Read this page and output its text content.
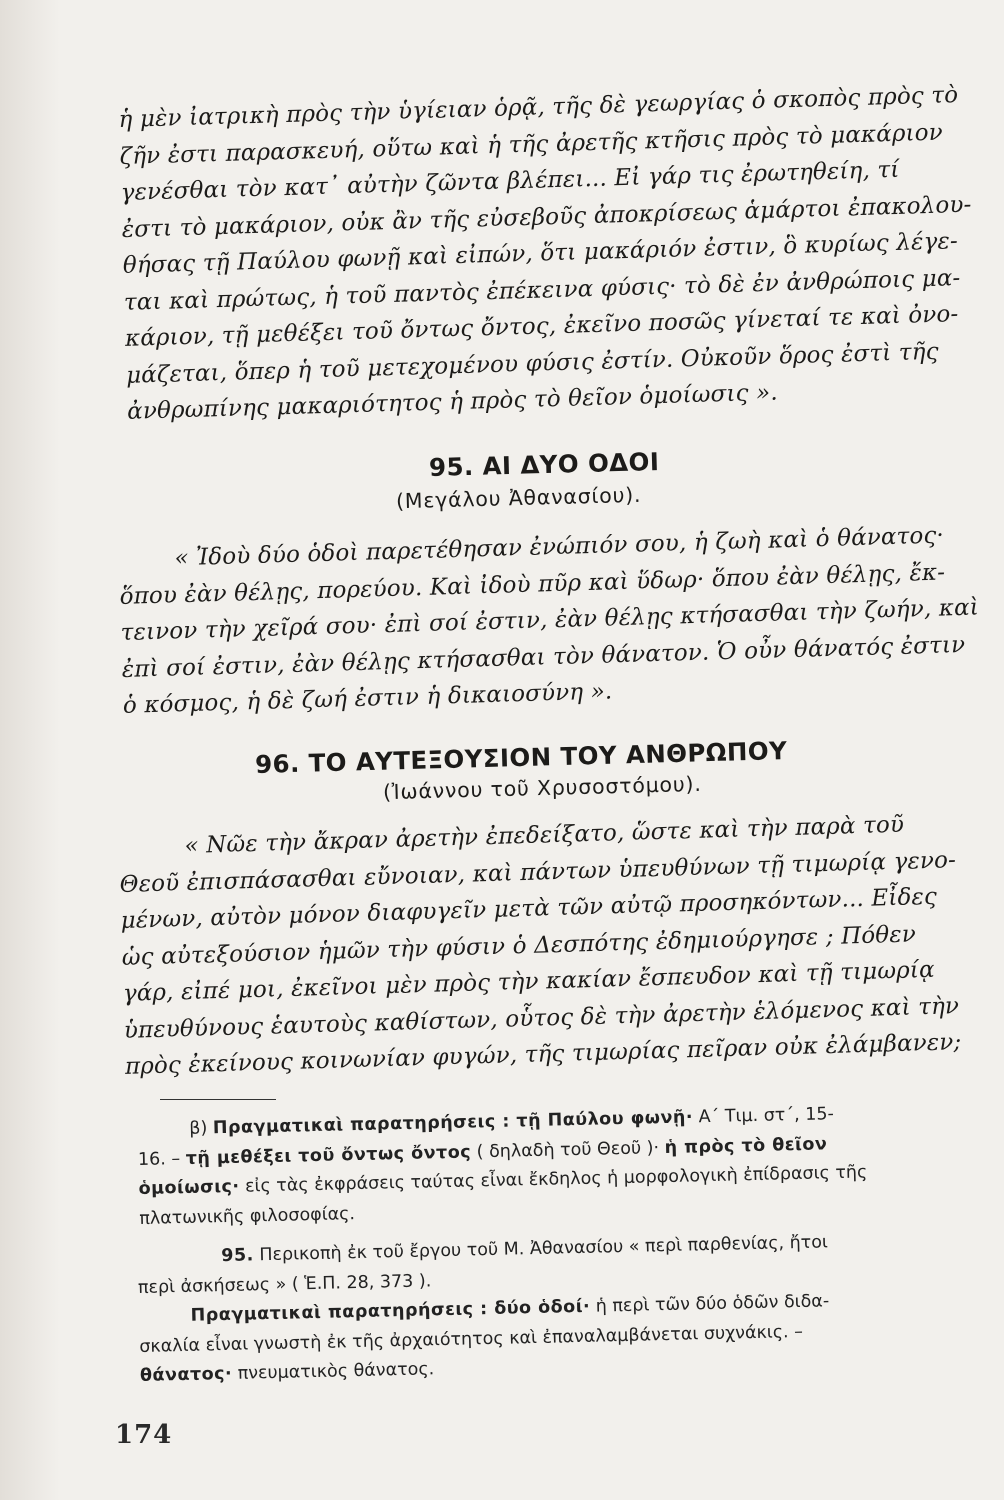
ἡ μὲν ἰατρικὴ πρὸς τὴν ὑγίειαν ὁρᾷ, τῆς δὲ γεωργίας ὁ σκοπὸς πρὸς τὸ
ζῆν ἐστι παρασκευή, οὕτω καὶ ἡ τῆς ἀρετῆς κτῆσις πρὸς τὸ μακάριον
γενέσθαι τὸν κατ᾿ αὐτὴν ζῶντα βλέπει... Εἰ γάρ τις ἐρωτηθείη, τί
ἐστι τὸ μακάριον, οὐκ ἂν τῆς εὐσεβοῦς ἀποκρίσεως ἁμάρτοι ἐπακολου-
θήσας τῇ Παύλου φωνῇ καὶ εἰπών, ὅτι μακάριόν ἐστιν, ὃ κυρίως λέγε-
ται καὶ πρώτως, ἡ τοῦ παντὸς ἐπέκεινα φύσις· τὸ δὲ ἐν ἀνθρώποις μα-
κάριον, τῇ μεθέξει τοῦ ὄντως ὄντος, ἐκεῖνο ποσῶς γίνεταί τε καὶ ὀνο-
μάζεται, ὅπερ ἡ τοῦ μετεχομένου φύσις ἐστίν. Οὐκοῦν ὅρος ἐστὶ τῆς
ἀνθρωπίνης μακαριότητος ἡ πρὸς τὸ θεῖον ὁμοίωσις ».
95. ΑΙ ΔΥΟ ΟΔΟΙ
(Μεγάλου Ἀθανασίου).
« Ἰδοὺ δύο ὁδοὶ παρετέθησαν ἐνώπιόν σου, ἡ ζωὴ καὶ ὁ θάνατος·
ὅπου ἐὰν θέλῃς, πορεύου. Καὶ ἰδοὺ πῦρ καὶ ὕδωρ· ὅπου ἐὰν θέλῃς, ἔκ-
τεινον τὴν χεῖρά σου· ἐπὶ σοί ἐστιν, ἐὰν θέλῃς κτήσασθαι τὴν ζωήν, καὶ
ἐπὶ σοί ἐστιν, ἐὰν θέλῃς κτήσασθαι τὸν θάνατον. Ὁ οὖν θάνατός ἐστιν
ὁ κόσμος, ἡ δὲ ζωή ἐστιν ἡ δικαιοσύνη ».
96. ΤΟ ΑΥΤΕΞΟΥΣΙΟΝ ΤΟΥ ΑΝΘΡΩΠΟΥ
(Ἰωάννου τοῦ Χρυσοστόμου).
« Νῶε τὴν ἄκραν ἀρετὴν ἐπεδείξατο, ὥστε καὶ τὴν παρὰ τοῦ
Θεοῦ ἐπισπάσασθαι εὔνοιαν, καὶ πάντων ὑπευθύνων τῇ τιμωρίᾳ γενο-
μένων, αὐτὸν μόνον διαφυγεῖν μετὰ τῶν αὐτῷ προσηκόντων... Εἶδες
ὡς αὐτεξούσιον ἡμῶν τὴν φύσιν ὁ Δεσπότης ἐδημιούργησε ; Πόθεν
γάρ, εἰπέ μοι, ἐκεῖνοι μὲν πρὸς τὴν κακίαν ἔσπευδον καὶ τῇ τιμωρίᾳ
ὑπευθύνους ἑαυτοὺς καθίστων, οὗτος δὲ τὴν ἀρετὴν ἑλόμενος καὶ τὴν
πρὸς ἐκείνους κοινωνίαν φυγών, τῆς τιμωρίας πεῖραν οὐκ ἐλάμβανεν;
β) Πραγματικαὶ παρατηρήσεις : τῇ Παύλου φωνῇ· Α΄ Τιμ. στ΄, 15-
16. – τῇ μεθέξει τοῦ ὄντως ὄντος ( δηλαδὴ τοῦ Θεοῦ )· ἡ πρὸς τὸ θεῖον
ὁμοίωσις· εἰς τὰς ἐκφράσεις ταύτας εἶναι ἔκδηλος ἡ μορφολογικὴ ἐπίδρασις τῆς
πλατωνικῆς φιλοσοφίας.
95. Περικοπὴ ἐκ τοῦ ἔργου τοῦ Μ. Ἀθανασίου « περὶ παρθενίας, ἤτοι
περὶ ἀσκήσεως » ( Ἑ.Π. 28, 373 ).
Πραγματικαὶ παρατηρήσεις : δύο ὁδοί· ἡ περὶ τῶν δύο ὁδῶν διδα-
σκαλία εἶναι γνωστὴ ἐκ τῆς ἀρχαιότητος καὶ ἐπαναλαμβάνεται συχνάκις. –
θάνατος· πνευματικὸς θάνατος.
174
